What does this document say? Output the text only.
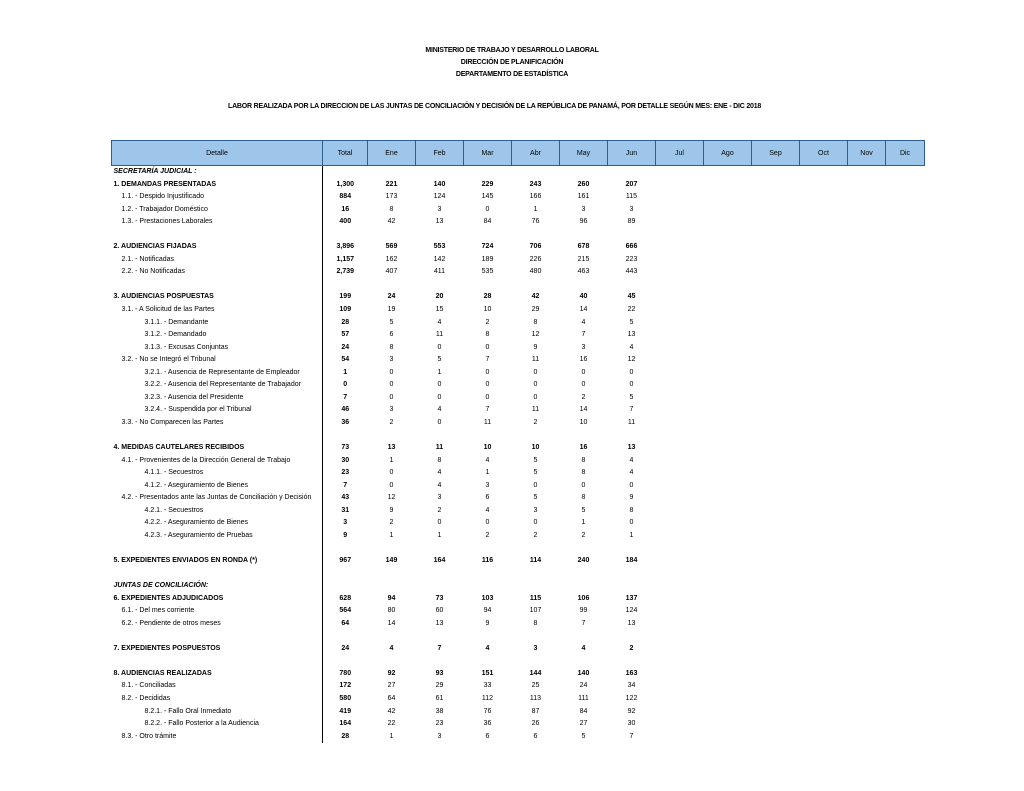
MINISTERIO DE TRABAJO Y DESARROLLO LABORAL
DIRECCIÓN DE PLANIFICACIÓN
DEPARTAMENTO DE ESTADÍSTICA
LABOR REALIZADA POR LA DIRECCION DE LAS JUNTAS DE CONCILIACIÓN Y DECISIÓN DE LA REPÚBLICA DE PANAMÁ, POR DETALLE SEGÚN MES: ENE - DIC 2018
Detalle	Total	Ene	Feb	Mar	Abr	May	Jun	Jul	Ago	Sep	Oct	Nov	Dic
SECRETARÍA JUDICIAL :													
1. DEMANDAS PRESENTADAS	1,300	221	140	229	243	260	207						
1.1. - Despido Injustificado	884	173	124	145	166	161	115						
1.2. - Trabajador Doméstico	16	8	3	0	1	3	3						
1.3. - Prestaciones Laborales	400	42	13	84	76	96	89						

2. AUDIENCIAS FIJADAS	3,896	569	553	724	706	678	666						
2.1. - Notificadas	1,157	162	142	189	226	215	223						
2.2. - No Notificadas	2,739	407	411	535	480	463	443						

3. AUDIENCIAS POSPUESTAS	199	24	20	28	42	40	45						
3.1. - A Solicitud de las Partes	109	19	15	10	29	14	22						
3.1.1. - Demandante	28	5	4	2	8	4	5						
3.1.2. - Demandado	57	6	11	8	12	7	13						
3.1.3. - Excusas Conjuntas	24	8	0	0	9	3	4						
3.2. - No se Integró el Tribunal	54	3	5	7	11	16	12						
3.2.1. - Ausencia de Representante de Empleador	1	0	1	0	0	0	0						
3.2.2. - Ausencia del Representante de Trabajador	0	0	0	0	0	0	0						
3.2.3. - Ausencia del Presidente	7	0	0	0	0	2	5						
3.2.4. - Suspendida por el Tribunal	46	3	4	7	11	14	7						
3.3. - No Comparecen las Partes	36	2	0	11	2	10	11						

4. MEDIDAS CAUTELARES RECIBIDOS	73	13	11	10	10	16	13						
4.1. - Provenientes de la Dirección General de Trabajo	30	1	8	4	5	8	4						
4.1.1. - Secuestros	23	0	4	1	5	8	4						
4.1.2. - Aseguramiento de Bienes	7	0	4	3	0	0	0						
4.2. - Presentados ante las Juntas de Conciliación y Decisión	43	12	3	6	5	8	9						
4.2.1. - Secuestros	31	9	2	4	3	5	8						
4.2.2. - Aseguramiento de Bienes	3	2	0	0	0	1	0						
4.2.3. - Aseguramiento de Pruebas	9	1	1	2	2	2	1						

5. EXPEDIENTES ENVIADOS EN RONDA (*)	967	149	164	116	114	240	184						

JUNTAS DE CONCILIACIÓN:													
6. EXPEDIENTES ADJUDICADOS	628	94	73	103	115	106	137						
6.1. - Del mes corriente	564	80	60	94	107	99	124						
6.2. - Pendiente de otros meses	64	14	13	9	8	7	13						

7. EXPEDIENTES POSPUESTOS	24	4	7	4	3	4	2						

8. AUDIENCIAS REALIZADAS	780	92	93	151	144	140	163						
8.1. - Conciliadas	172	27	29	33	25	24	34						
8.2. - Decididas	580	64	61	112	113	111	122						
8.2.1. - Fallo Oral Inmediato	419	42	38	76	87	84	92						
8.2.2. - Fallo Posterior a la Audiencia	164	22	23	36	26	27	30						
8.3. - Otro trámite	28	1	3	6	6	5	7						
